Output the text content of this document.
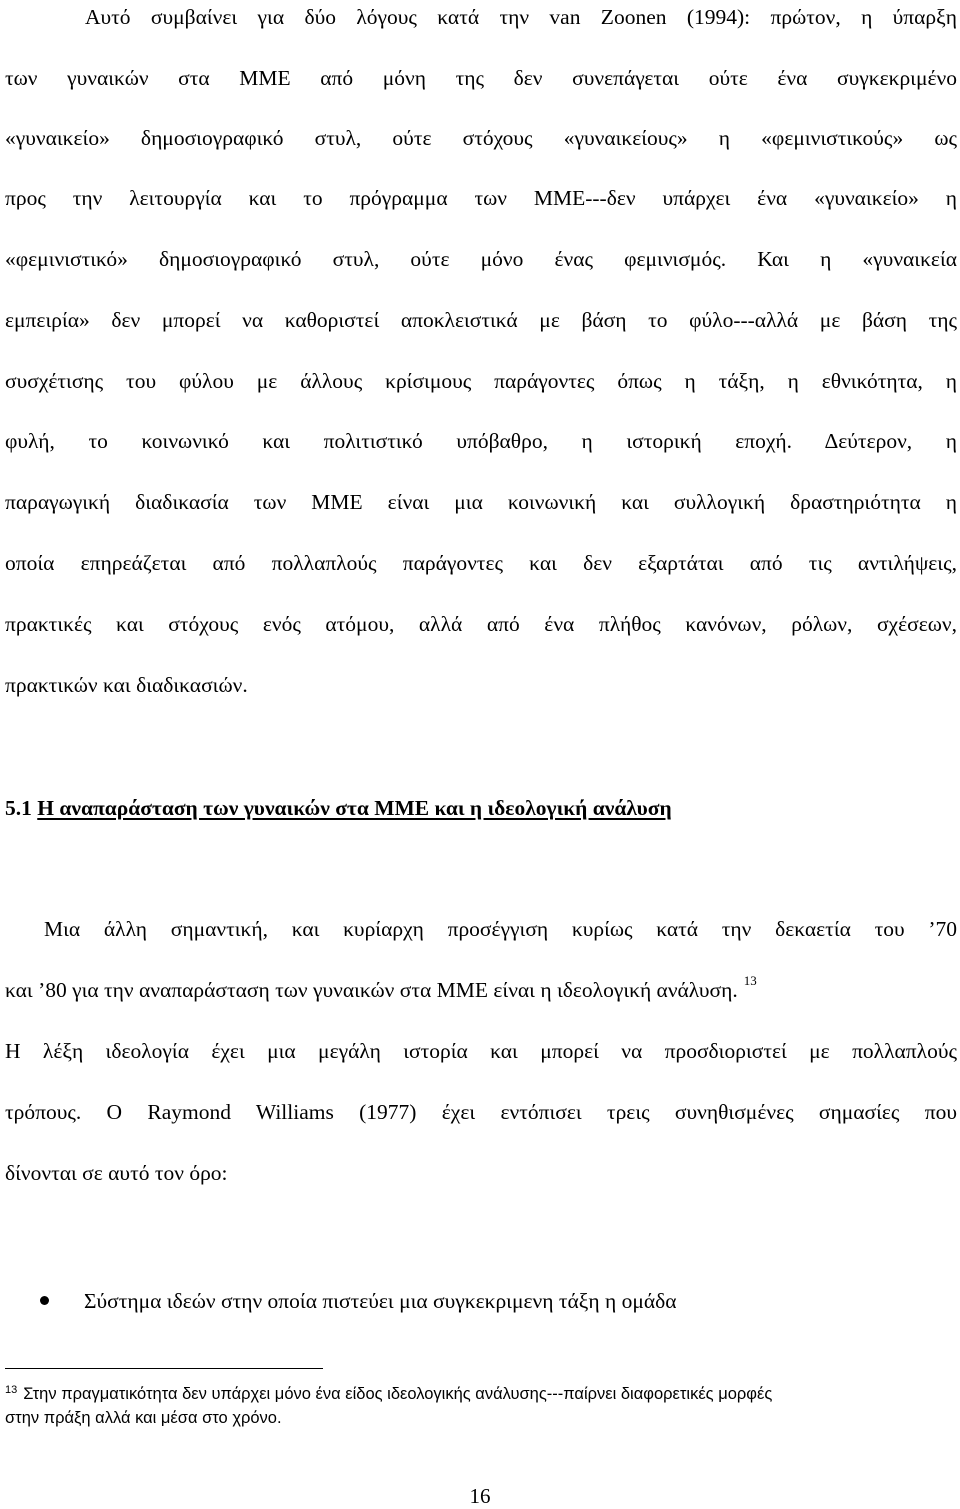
Αυτό συμβαίνει για δύο λόγους κατά την van Zoonen (1994): πρώτον, η ύπαρξη
των γυναικών στα ΜΜΕ από μόνη της δεν συνεπάγεται ούτε ένα συγκεκριμένο
«γυναικείο» δημοσιογραφικό στυλ, ούτε στόχους «γυναικείους» η «φεμινιστικούς» ως
προς την λειτουργία και το πρόγραμμα των ΜΜΕ---δεν υπάρχει ένα «γυναικείο» η
«φεμινιστικό» δημοσιογραφικό στυλ, ούτε μόνο ένας φεμινισμός. Και η «γυναικεία
εμπειρία» δεν μπορεί να καθοριστεί αποκλειστικά με βάση το φύλο---αλλά με βάση της
συσχέτισης του φύλου με άλλους κρίσιμους παράγοντες όπως η τάξη, η εθνικότητα, η
φυλή, το κοινωνικό και πολιτιστικό υπόβαθρο, η ιστορική εποχή. Δεύτερον, η
παραγωγική διαδικασία των ΜΜΕ είναι μια κοινωνική και συλλογική δραστηριότητα η
οποία επηρεάζεται από πολλαπλούς παράγοντες και δεν εξαρτάται από τις αντιλήψεις,
πρακτικές και στόχους ενός ατόμου, αλλά από ένα πλήθος κανόνων, ρόλων, σχέσεων,
πρακτικών και διαδικασιών.
5.1 Η αναπαράσταση των γυναικών στα ΜΜΕ και η ιδεολογική ανάλυση
Μια άλλη σημαντική, και κυρίαρχη προσέγγιση κυρίως κατά την δεκαετία του ’70
και ’80 για την αναπαράσταση των γυναικών στα ΜΜΕ είναι η ιδεολογική ανάλυση. $^{13}$
Η λέξη ιδεολογία έχει μια μεγάλη ιστορία και μπορεί να προσδιοριστεί με πολλαπλούς
τρόπους. Ο Raymond Williams (1977) έχει εντόπισει τρεις συνηθισμένες σημασίες που
δίνονται σε αυτό τον όρο:
Σύστημα ιδεών στην οποία πιστεύει μια συγκεκριμενη τάξη η ομάδα
$^{13}$ Στην πραγματικότητα δεν υπάρχει μόνο ένα είδος ιδεολογικής ανάλυσης---παίρνει διαφορετικές μορφές
στην πράξη αλλά και μέσα στο χρόνο.
16
